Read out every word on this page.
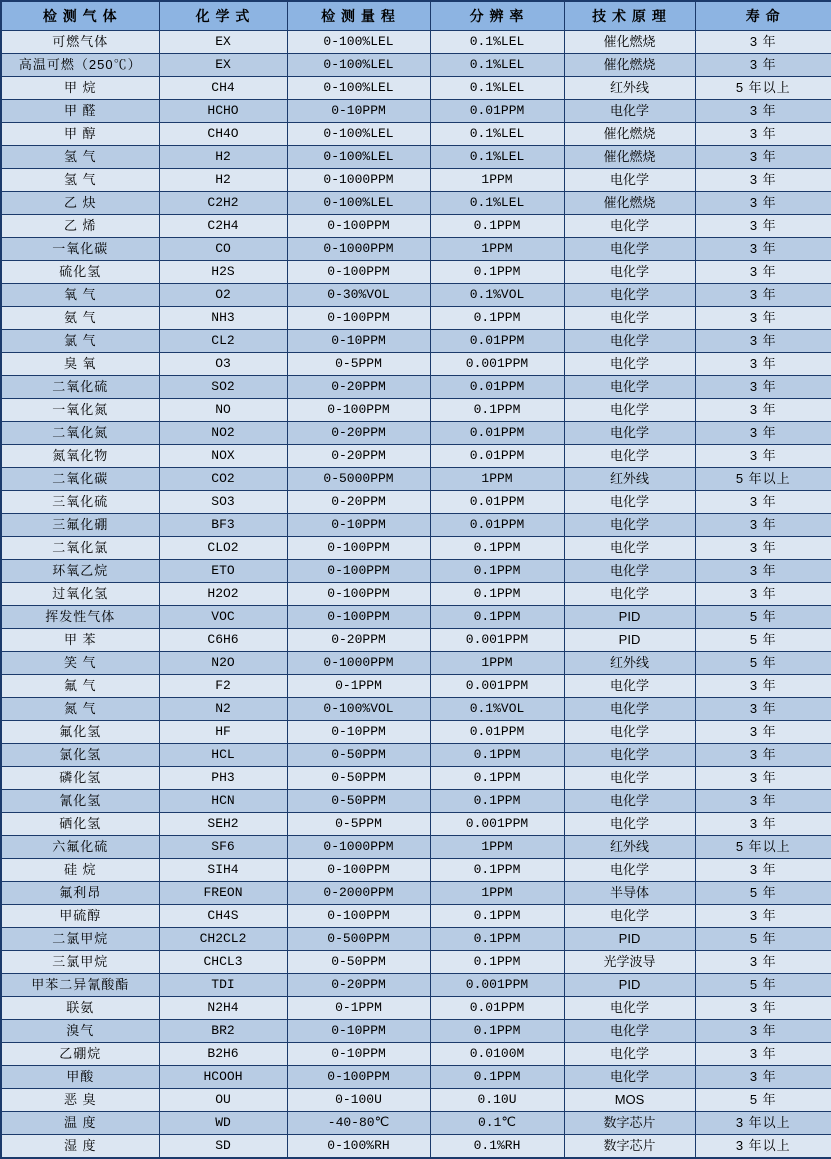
检 测 气 体	化 学 式	检 测 量 程	分 辨 率	技 术 原 理	寿 命
可燃气体	EX	0-100%LEL	0.1%LEL	催化燃烧	3 年
高温可燃（250℃）	EX	0-100%LEL	0.1%LEL	催化燃烧	3 年
甲 烷	CH4	0-100%LEL	0.1%LEL	红外线	5 年以上
甲 醛	HCHO	0-10PPM	0.01PPM	电化学	3 年
甲 醇	CH4O	0-100%LEL	0.1%LEL	催化燃烧	3 年
氢 气	H2	0-100%LEL	0.1%LEL	催化燃烧	3 年
氢 气	H2	0-1000PPM	1PPM	电化学	3 年
乙 炔	C2H2	0-100%LEL	0.1%LEL	催化燃烧	3 年
乙 烯	C2H4	0-100PPM	0.1PPM	电化学	3 年
一氧化碳	CO	0-1000PPM	1PPM	电化学	3 年
硫化氢	H2S	0-100PPM	0.1PPM	电化学	3 年
氧 气	O2	0-30%VOL	0.1%VOL	电化学	3 年
氨 气	NH3	0-100PPM	0.1PPM	电化学	3 年
氯 气	CL2	0-10PPM	0.01PPM	电化学	3 年
臭 氧	O3	0-5PPM	0.001PPM	电化学	3 年
二氧化硫	SO2	0-20PPM	0.01PPM	电化学	3 年
一氧化氮	NO	0-100PPM	0.1PPM	电化学	3 年
二氧化氮	NO2	0-20PPM	0.01PPM	电化学	3 年
氮氧化物	NOX	0-20PPM	0.01PPM	电化学	3 年
二氧化碳	CO2	0-5000PPM	1PPM	红外线	5 年以上
三氧化硫	SO3	0-20PPM	0.01PPM	电化学	3 年
三氟化硼	BF3	0-10PPM	0.01PPM	电化学	3 年
二氧化氯	CLO2	0-100PPM	0.1PPM	电化学	3 年
环氧乙烷	ETO	0-100PPM	0.1PPM	电化学	3 年
过氧化氢	H2O2	0-100PPM	0.1PPM	电化学	3 年
挥发性气体	VOC	0-100PPM	0.1PPM	PID	5 年
甲 苯	C6H6	0-20PPM	0.001PPM	PID	5 年
笑 气	N2O	0-1000PPM	1PPM	红外线	5 年
氟 气	F2	0-1PPM	0.001PPM	电化学	3 年
氮 气	N2	0-100%VOL	0.1%VOL	电化学	3 年
氟化氢	HF	0-10PPM	0.01PPM	电化学	3 年
氯化氢	HCL	0-50PPM	0.1PPM	电化学	3 年
磷化氢	PH3	0-50PPM	0.1PPM	电化学	3 年
氰化氢	HCN	0-50PPM	0.1PPM	电化学	3 年
硒化氢	SEH2	0-5PPM	0.001PPM	电化学	3 年
六氟化硫	SF6	0-1000PPM	1PPM	红外线	5 年以上
硅 烷	SIH4	0-100PPM	0.1PPM	电化学	3 年
氟利昂	FREON	0-2000PPM	1PPM	半导体	5 年
甲硫醇	CH4S	0-100PPM	0.1PPM	电化学	3 年
二氯甲烷	CH2CL2	0-500PPM	0.1PPM	PID	5 年
三氯甲烷	CHCL3	0-50PPM	0.1PPM	光学波导	3 年
甲苯二异氰酸酯	TDI	0-20PPM	0.001PPM	PID	5 年
联氨	N2H4	0-1PPM	0.01PPM	电化学	3 年
溴气	BR2	0-10PPM	0.1PPM	电化学	3 年
乙硼烷	B2H6	0-10PPM	0.0100M	电化学	3 年
甲酸	HCOOH	0-100PPM	0.1PPM	电化学	3 年
恶 臭	OU	0-100U	0.10U	MOS	5 年
温 度	WD	-40-80℃	0.1℃	数字芯片	3 年以上
湿 度	SD	0-100%RH	0.1%RH	数字芯片	3 年以上
